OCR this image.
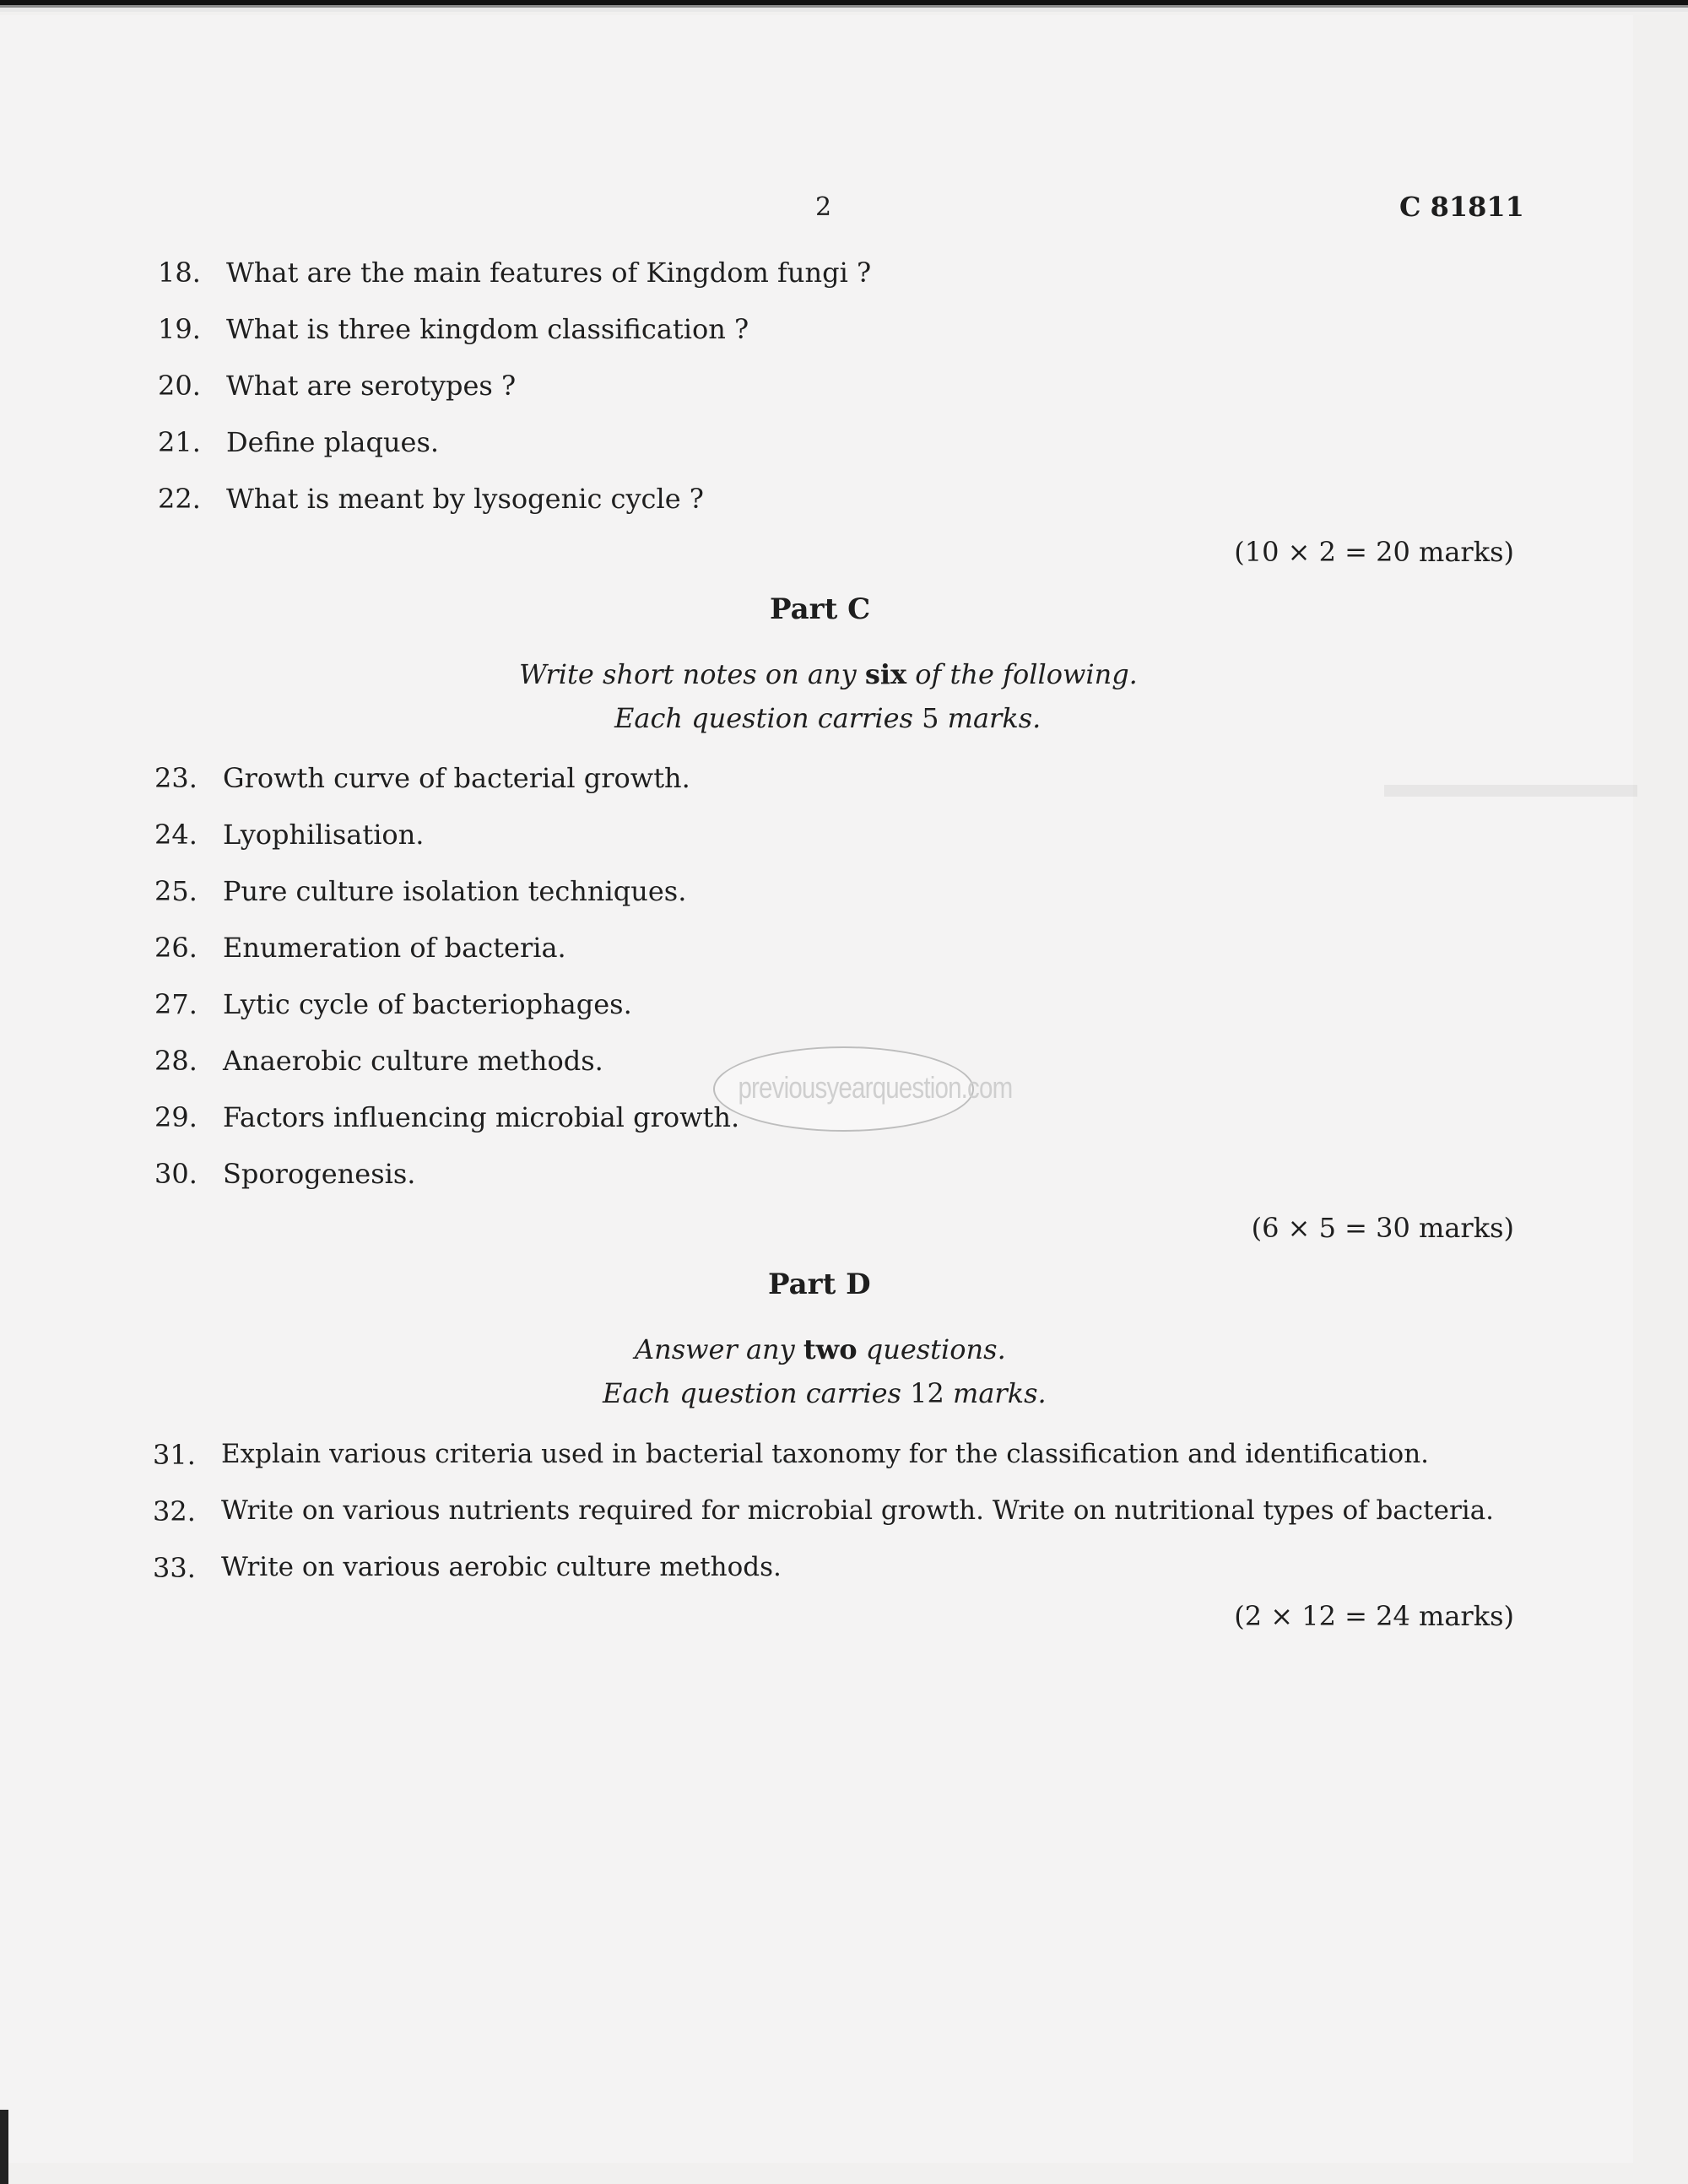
2	C 81811
18. What are the main features of Kingdom fungi ?
19. What is three kingdom classification ?
20. What are serotypes ?
21. Define plaques.
22. What is meant by lysogenic cycle ?
(10 × 2 = 20 marks)
Part C
Write short notes on any six of the following.
Each question carries 5 marks.
23. Growth curve of bacterial growth.
24. Lyophilisation.
25. Pure culture isolation techniques.
26. Enumeration of bacteria.
27. Lytic cycle of bacteriophages.
28. Anaerobic culture methods.
29. Factors influencing microbial growth.
30. Sporogenesis.
(6 × 5 = 30 marks)
Part D
Answer any two questions.
Each question carries 12 marks.
31. Explain various criteria used in bacterial taxonomy for the classification and identification.
32. Write on various nutrients required for microbial growth. Write on nutritional types of bacteria.
33. Write on various aerobic culture methods.
(2 × 12 = 24 marks)
previousyearquestion.com
